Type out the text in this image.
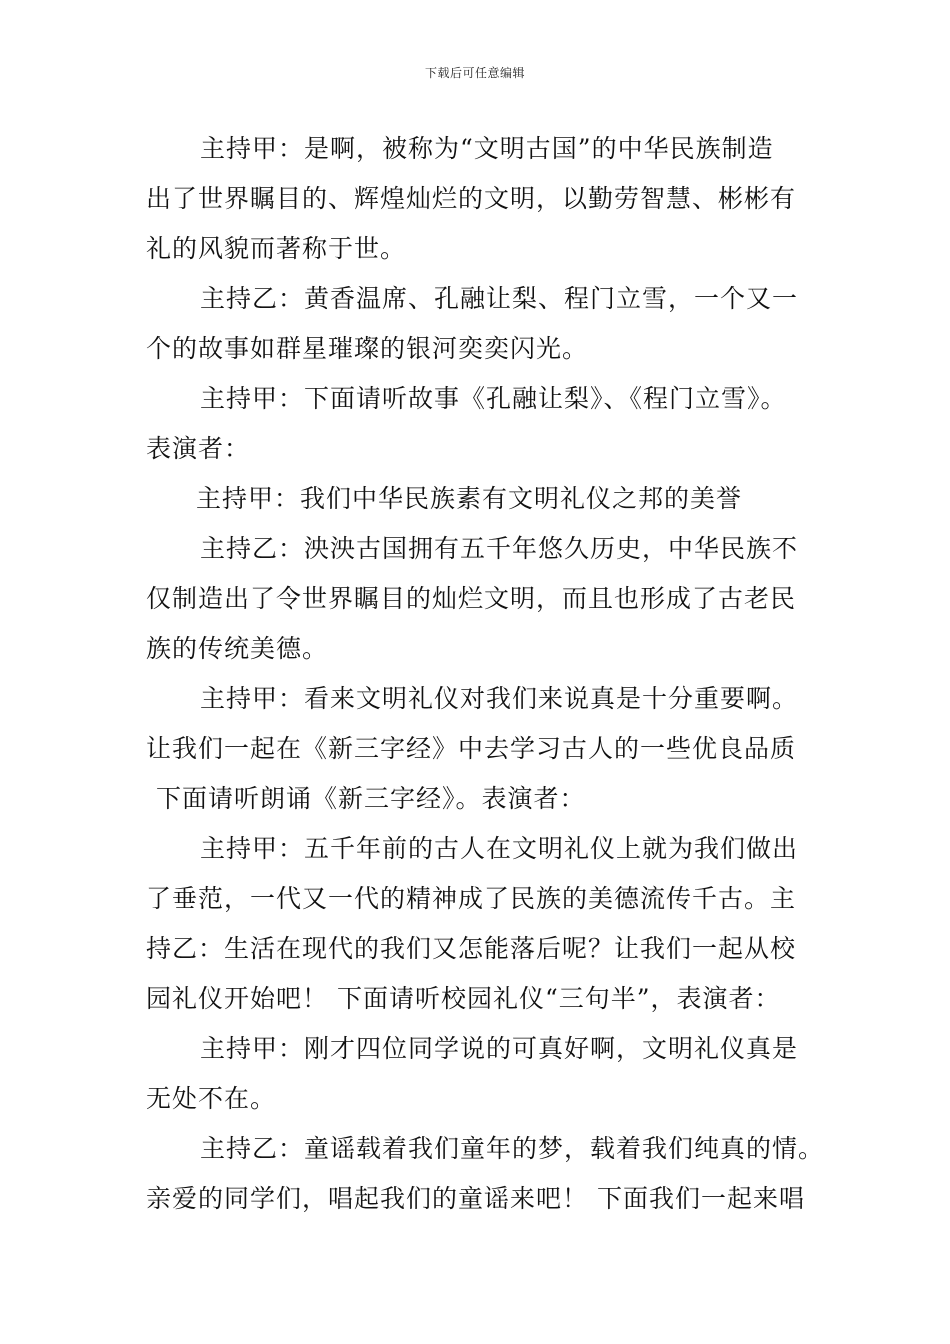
下载后可任意编辑
主持甲：是啊，被称为“文明古国”的中华民族制造
出了世界瞩目的、辉煌灿烂的文明，以勤劳智慧、彬彬有
礼的风貌而著称于世。
主持乙：黄香温席、孔融让梨、程门立雪，一个又一
个的故事如群星璀璨的银河奕奕闪光。
主持甲：下面请听故事《孔融让梨》、《程门立雪》。
表演者：
主持甲：我们中华民族素有文明礼仪之邦的美誉
主持乙：泱泱古国拥有五千年悠久历史，中华民族不
仅制造出了令世界瞩目的灿烂文明，而且也形成了古老民
族的传统美德。
主持甲：看来文明礼仪对我们来说真是十分重要啊。
让我们一起在《新三字经》中去学习古人的一些优良品质
下面请听朗诵《新三字经》。表演者：
主持甲：五千年前的古人在文明礼仪上就为我们做出
了垂范，一代又一代的精神成了民族的美德流传千古。主
持乙：生活在现代的我们又怎能落后呢？让我们一起从校
园礼仪开始吧！ 下面请听校园礼仪“三句半”，表演者：
主持甲：刚才四位同学说的可真好啊，文明礼仪真是
无处不在。
主持乙：童谣载着我们童年的梦，载着我们纯真的情。
亲爱的同学们，唱起我们的童谣来吧！ 下面我们一起来唱
